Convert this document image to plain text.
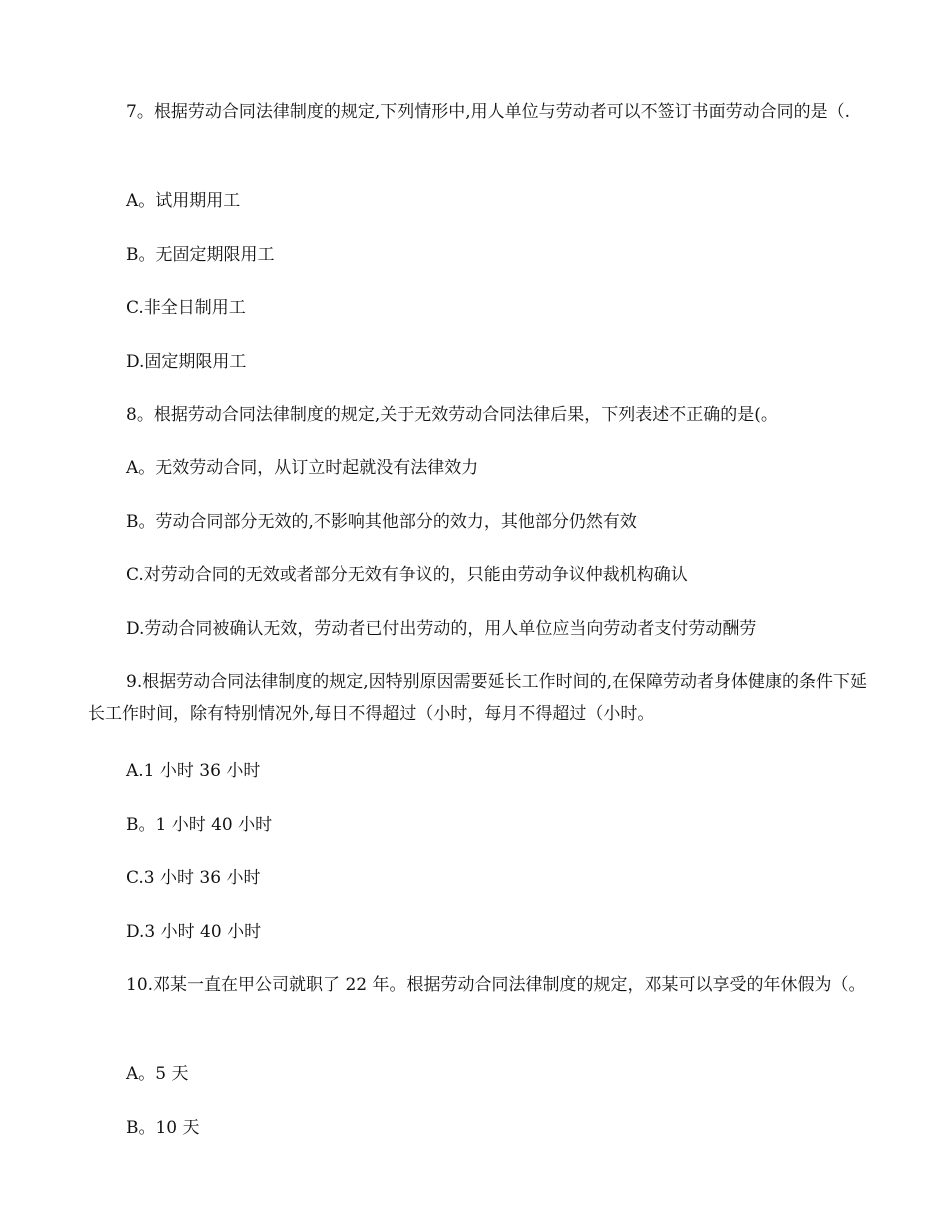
7。根据劳动合同法律制度的规定,下列情形中,用人单位与劳动者可以不签订书面劳动合同的是（.
A。试用期用工
B。无固定期限用工
C.非全日制用工
D.固定期限用工
8。根据劳动合同法律制度的规定,关于无效劳动合同法律后果，下列表述不正确的是(。
A。无效劳动合同，从订立时起就没有法律效力
B。劳动合同部分无效的,不影响其他部分的效力，其他部分仍然有效
C.对劳动合同的无效或者部分无效有争议的，只能由劳动争议仲裁机构确认
D.劳动合同被确认无效，劳动者已付出劳动的，用人单位应当向劳动者支付劳动酬劳
9.根据劳动合同法律制度的规定,因特别原因需要延长工作时间的,在保障劳动者身体健康的条件下延长工作时间，除有特别情况外,每日不得超过（小时，每月不得超过（小时。
A.1 小时 36 小时
B。1 小时 40 小时
C.3 小时 36 小时
D.3 小时 40 小时
10.邓某一直在甲公司就职了 22 年。根据劳动合同法律制度的规定，邓某可以享受的年休假为（。
A。5 天
B。10 天
